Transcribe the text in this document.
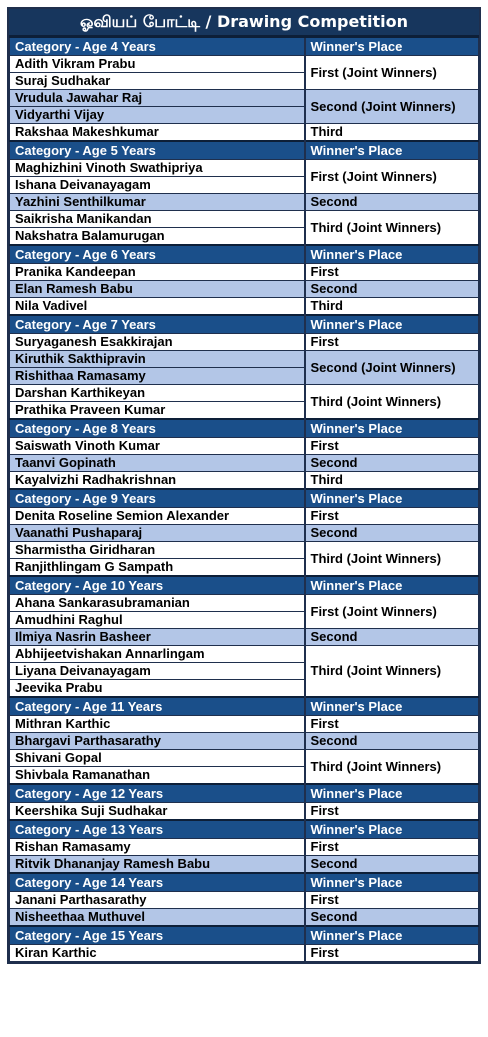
ஓவியப் போட்டி / Drawing Competition
Category - Age 4 Years	Winner's Place
Adith Vikram Prabu	First (Joint Winners)
Suraj Sudhakar	
Vrudula Jawahar Raj	Second (Joint Winners)
Vidyarthi Vijay	
Rakshaa Makeshkumar	Third
Category - Age 5 Years	Winner's Place
Maghizhini Vinoth Swathipriya	First (Joint Winners)
Ishana Deivanayagam	
Yazhini Senthilkumar	Second
Saikrisha Manikandan	Third (Joint Winners)
Nakshatra Balamurugan	
Category - Age 6 Years	Winner's Place
Pranika Kandeepan	First
Elan Ramesh Babu	Second
Nila Vadivel	Third
Category - Age 7 Years	Winner's Place
Suryaganesh Esakkirajan	First
Kiruthik Sakthipravin	Second (Joint Winners)
Rishithaa Ramasamy	
Darshan Karthikeyan	Third (Joint Winners)
Prathika Praveen Kumar	
Category - Age 8 Years	Winner's Place
Saiswath Vinoth Kumar	First
Taanvi Gopinath	Second
Kayalvizhi Radhakrishnan	Third
Category - Age 9 Years	Winner's Place
Denita Roseline Semion Alexander	First
Vaanathi Pushaparaj	Second
Sharmistha Giridharan	Third (Joint Winners)
Ranjithlingam G Sampath	
Category - Age 10 Years	Winner's Place
Ahana Sankarasubramanian	First (Joint Winners)
Amudhini Raghul	
Ilmiya Nasrin Basheer	Second
Abhijeetvishakan Annarlingam	Third (Joint Winners)
Liyana Deivanayagam	
Jeevika Prabu	
Category - Age 11 Years	Winner's Place
Mithran Karthic	First
Bhargavi Parthasarathy	Second
Shivani Gopal	Third (Joint Winners)
Shivbala Ramanathan	
Category - Age 12 Years	Winner's Place
Keershika Suji Sudhakar	First
Category - Age 13 Years	Winner's Place
Rishan Ramasamy	First
Ritvik Dhananjay Ramesh Babu	Second
Category - Age 14 Years	Winner's Place
Janani Parthasarathy	First
Nisheethaa Muthuvel	Second
Category - Age 15 Years	Winner's Place
Kiran Karthic	First
